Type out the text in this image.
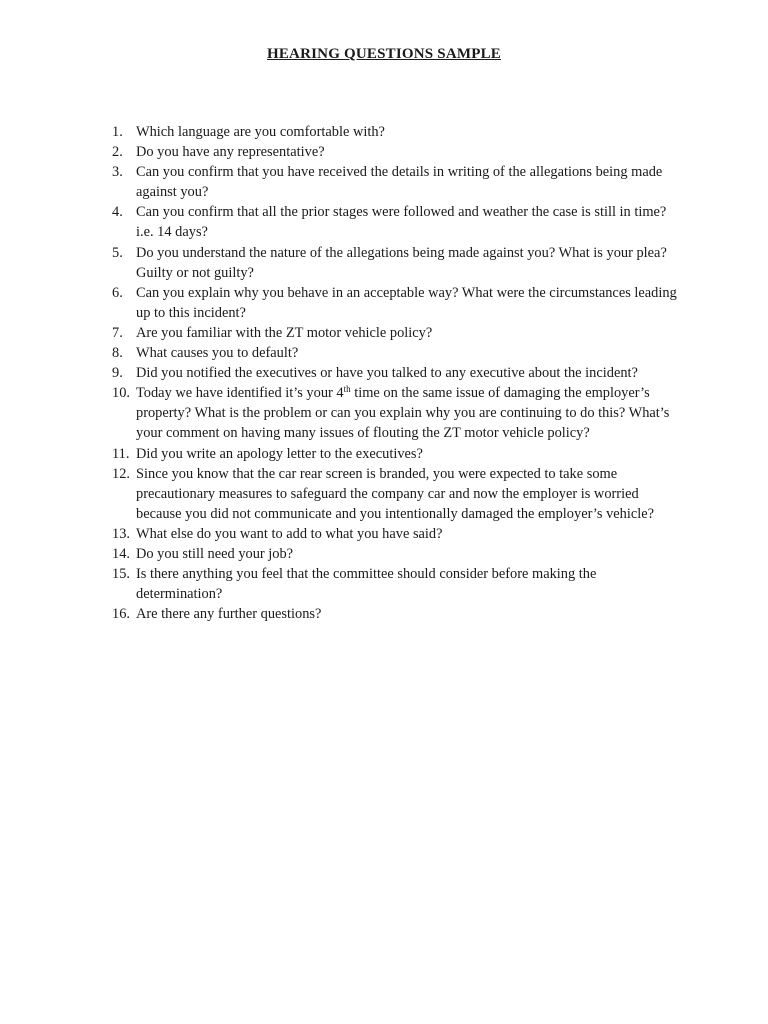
HEARING QUESTIONS SAMPLE
1. Which language are you comfortable with?
2. Do you have any representative?
3. Can you confirm that you have received the details in writing of the allegations being made against you?
4. Can you confirm that all the prior stages were followed and weather the case is still in time? i.e. 14 days?
5. Do you understand the nature of the allegations being made against you? What is your plea? Guilty or not guilty?
6. Can you explain why you behave in an acceptable way? What were the circumstances leading up to this incident?
7. Are you familiar with the ZT motor vehicle policy?
8. What causes you to default?
9. Did you notified the executives or have you talked to any executive about the incident?
10. Today we have identified it’s your 4th time on the same issue of damaging the employer’s property? What is the problem or can you explain why you are continuing to do this? What’s your comment on having many issues of flouting the ZT motor vehicle policy?
11. Did you write an apology letter to the executives?
12. Since you know that the car rear screen is branded, you were expected to take some precautionary measures to safeguard the company car and now the employer is worried because you did not communicate and you intentionally damaged the employer’s vehicle?
13. What else do you want to add to what you have said?
14. Do you still need your job?
15. Is there anything you feel that the committee should consider before making the determination?
16. Are there any further questions?
